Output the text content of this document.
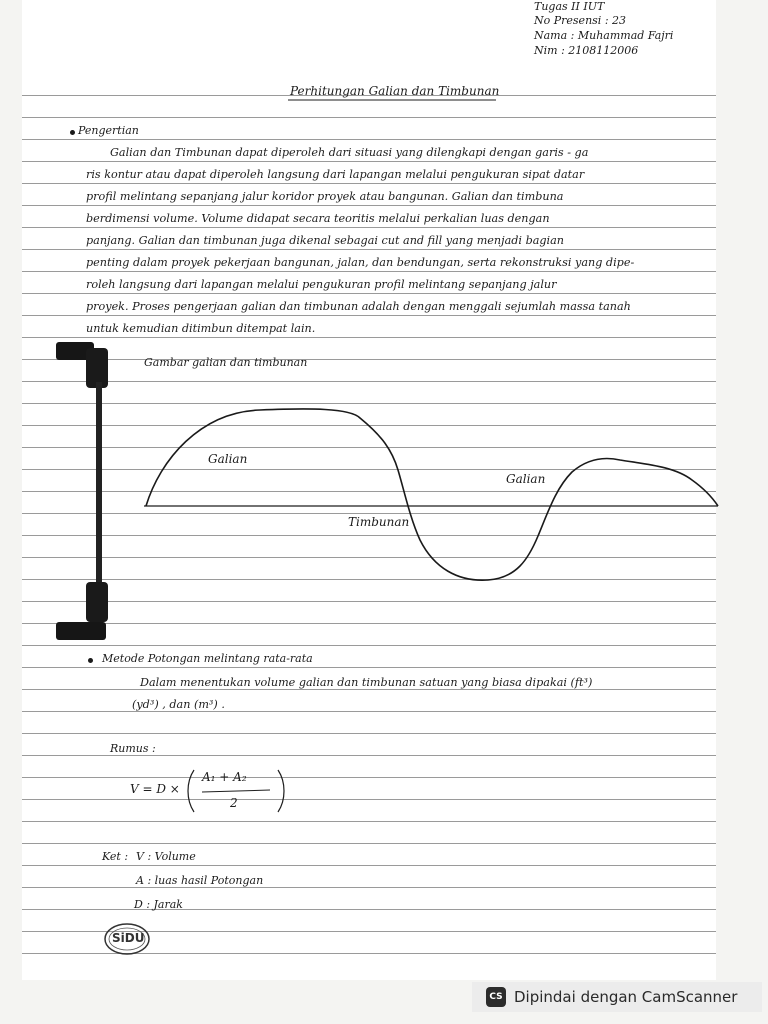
Tugas II IUT
No Presensi : 23
Nama : Muhammad Fajri
Nim : 2108112006
Perhitungan Galian dan Timbunan
Pengertian
Galian dan Timbunan dapat diperoleh dari situasi yang dilengkapi dengan garis - ga
ris kontur atau dapat diperoleh langsung dari lapangan melalui pengukuran sipat datar
profil melintang sepanjang jalur koridor proyek atau bangunan. Galian dan timbuna
berdimensi volume. Volume didapat secara teoritis melalui perkalian luas dengan
panjang. Galian dan timbunan juga dikenal sebagai cut and fill yang menjadi bagian
penting dalam proyek pekerjaan bangunan, jalan, dan bendungan, serta rekonstruksi yang dipe-
roleh langsung dari lapangan melalui pengukuran profil melintang sepanjang jalur
proyek. Proses pengerjaan galian dan timbunan adalah dengan menggali sejumlah massa tanah
untuk kemudian ditimbun ditempat lain.
Gambar galian dan timbunan
Galian
Timbunan
Galian
Metode Potongan melintang rata-rata
Dalam menentukan volume galian dan timbunan satuan yang biasa dipakai (ft³)
(yd³) , dan (m³) .
Rumus :
V = D ×
A₁ + A₂
2
Ket : V : Volume
A : luas hasil Potongan
D : Jarak
SiDU
CS Dipindai dengan CamScanner
